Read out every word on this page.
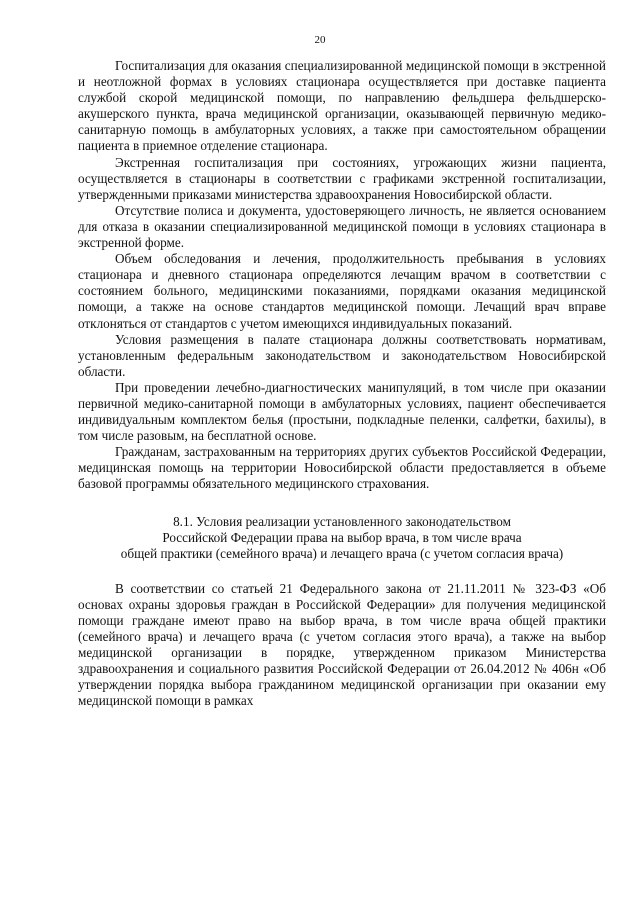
20

Госпитализация для оказания специализированной медицинской помощи в экстренной и неотложной формах в условиях стационара осуществляется при доставке пациента службой скорой медицинской помощи, по направлению фельдшера фельдшерско-акушерского пункта, врача медицинской организации, оказывающей первичную медико-санитарную помощь в амбулаторных условиях, а также при самостоятельном обращении пациента в приемное отделение стационара.

Экстренная госпитализация при состояниях, угрожающих жизни пациента, осуществляется в стационары в соответствии с графиками экстренной госпитализации, утвержденными приказами министерства здравоохранения Новосибирской области.

Отсутствие полиса и документа, удостоверяющего личность, не является основанием для отказа в оказании специализированной медицинской помощи в условиях стационара в экстренной форме.

Объем обследования и лечения, продолжительность пребывания в условиях стационара и дневного стационара определяются лечащим врачом в соответствии с состоянием больного, медицинскими показаниями, порядками оказания медицинской помощи, а также на основе стандартов медицинской помощи. Лечащий врач вправе отклоняться от стандартов с учетом имеющихся индивидуальных показаний.

Условия размещения в палате стационара должны соответствовать нормативам, установленным федеральным законодательством и законодательством Новосибирской области.

При проведении лечебно-диагностических манипуляций, в том числе при оказании первичной медико-санитарной помощи в амбулаторных условиях, пациент обеспечивается индивидуальным комплектом белья (простыни, подкладные пеленки, салфетки, бахилы), в том числе разовым, на бесплатной основе.

Гражданам, застрахованным на территориях других субъектов Российской Федерации, медицинская помощь на территории Новосибирской области предоставляется в объеме базовой программы обязательного медицинского страхования.

8.1. Условия реализации установленного законодательством
Российской Федерации права на выбор врача, в том числе врача
общей практики (семейного врача) и лечащего врача (с учетом согласия врача)

В соответствии со статьей 21 Федерального закона от 21.11.2011 № 323-ФЗ «Об основах охраны здоровья граждан в Российской Федерации» для получения медицинской помощи граждане имеют право на выбор врача, в том числе врача общей практики (семейного врача) и лечащего врача (с учетом согласия этого врача), а также на выбор медицинской организации в порядке, утвержденном приказом Министерства здравоохранения и социального развития Российской Федерации от 26.04.2012 № 406н «Об утверждении порядка выбора гражданином медицинской организации при оказании ему медицинской помощи в рамках
